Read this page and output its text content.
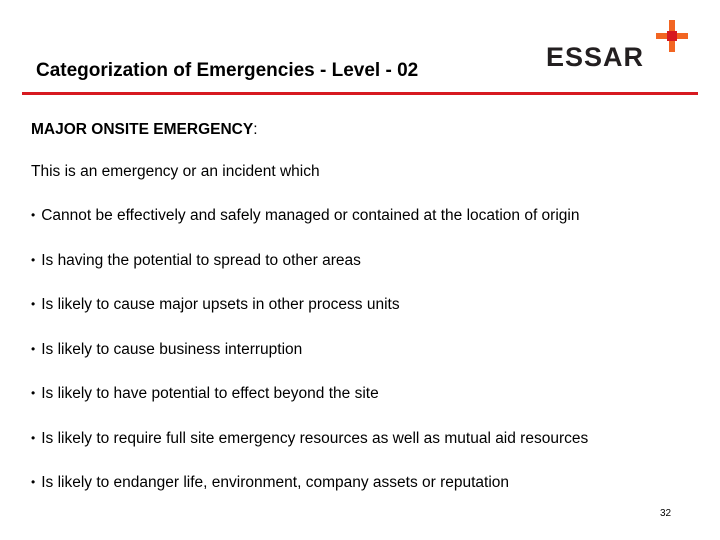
Categorization of Emergencies - Level - 02	ESSAR
MAJOR ONSITE EMERGENCY:
This is an emergency or an incident which
• Cannot be effectively and safely managed or contained at the location of origin
• Is having the potential to spread to other areas
• Is likely to cause major upsets in other process units
• Is likely to cause business interruption
• Is likely to have potential to effect beyond the site
• Is likely to require full site emergency resources as well as mutual aid resources
• Is likely to endanger life, environment, company assets or reputation
32
